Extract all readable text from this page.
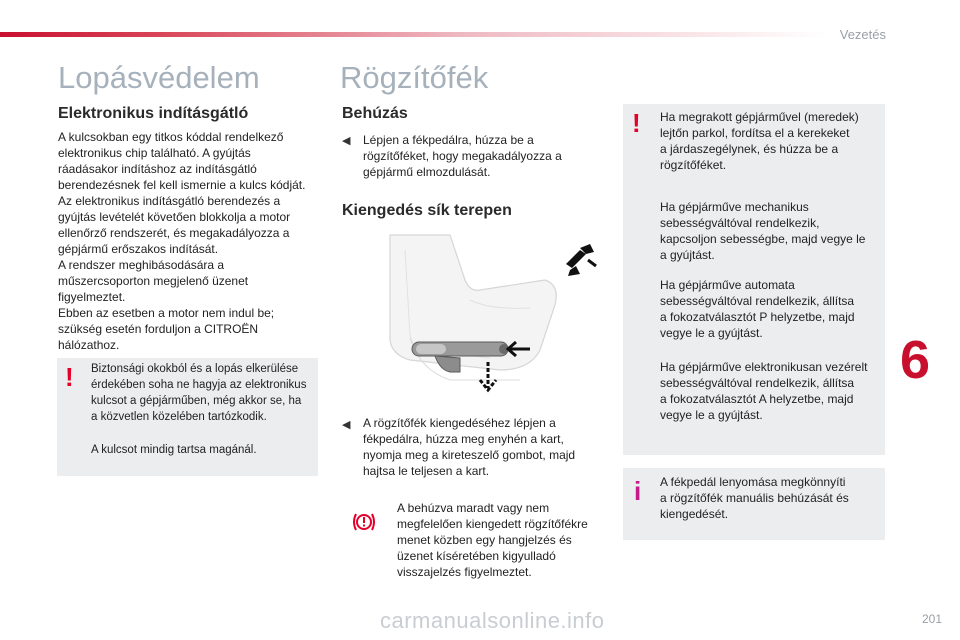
Vezetés
Lopásvédelem
Elektronikus indításgátló

A kulcsokban egy titkos kóddal rendelkező

elektronikus chip található. A gyújtás

ráadásakor indításhoz az indításgátló

berendezésnek fel kell ismernie a kulcs kódját.

Az elektronikus indításgátló berendezés a

gyújtás levételét követően blokkolja a motor

ellenőrző rendszerét, és megakadályozza a

gépjármű erőszakos indítását.

A rendszer meghibásodására a

műszercsoporton megjelenő üzenet

figyelmeztet.

Ebben az esetben a motor nem indul be;

szükség esetén forduljon a CITROËN

hálózathoz.

! Biztonsági okokból és a lopás elkerülése

érdekében soha ne hagyja az elektronikus

kulcsot a gépjárműben, még akkor se, ha

a közvetlen közelében tartózkodik.

A kulcsot mindig tartsa magánál.
Rögzítőfék
Behúzás
◀ Lépjen a fékpedálra, húzza be a

rögzítőféket, hogy megakadályozza a

gépjármű elmozdulását.

Kiengedés sík terepen
◀ A rögzítőfék kiengedéséhez lépjen a

fékpedálra, húzza meg enyhén a kart,

nyomja meg a kireteszelő gombot, majd

hajtsa le teljesen a kart.

A behúzva maradt vagy nem

megfelelően kiengedett rögzítőfékre

menet közben egy hangjelzés és

üzenet kíséretében kigyulladó

visszajelzés figyelmeztet.

! Ha megrakott gépjárművel (meredek)

lejtőn parkol, fordítsa el a kerekeket

a járdaszegélynek, és húzza be a

rögzítőféket.

Ha gépjárműve mechanikus

sebességváltóval rendelkezik,

kapcsoljon sebességbe, majd vegye le

a gyújtást.

Ha gépjárműve automata

sebességváltóval rendelkezik, állítsa

a fokozatválasztót P helyzetbe, majd

vegye le a gyújtást.

Ha gépjárműve elektronikusan vezérelt

sebességváltóval rendelkezik, állítsa

a fokozatválasztót A helyzetbe, majd

vegye le a gyújtást.

i A fékpedál lenyomása megkönnyíti

a rögzítőfék manuális behúzását és

kiengedését.

6
carmanualsonline.info	201
